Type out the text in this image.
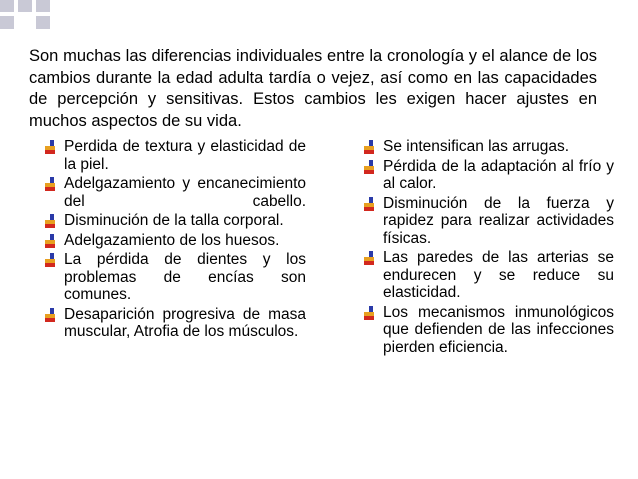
Son muchas las diferencias individuales entre la cronología y el alance de los cambios durante la edad adulta tardía o vejez, así como en las capacidades de percepción y sensitivas. Estos cambios les exigen hacer ajustes en muchos aspectos de su vida.

Perdida de textura y elasticidad de la piel.
Adelgazamiento y encanecimiento del cabello.
Disminución de la talla corporal.
Adelgazamiento de los huesos.
La pérdida de dientes y los problemas de encías son comunes.
Desaparición progresiva de masa muscular, Atrofia de los músculos.
Se intensifican las arrugas.
Pérdida de la adaptación al frío y al calor.
Disminución de la fuerza y rapidez para realizar actividades físicas.
Las paredes de las arterias se endurecen y se reduce su elasticidad.
Los mecanismos inmunológicos que defienden de las infecciones pierden eficiencia.
